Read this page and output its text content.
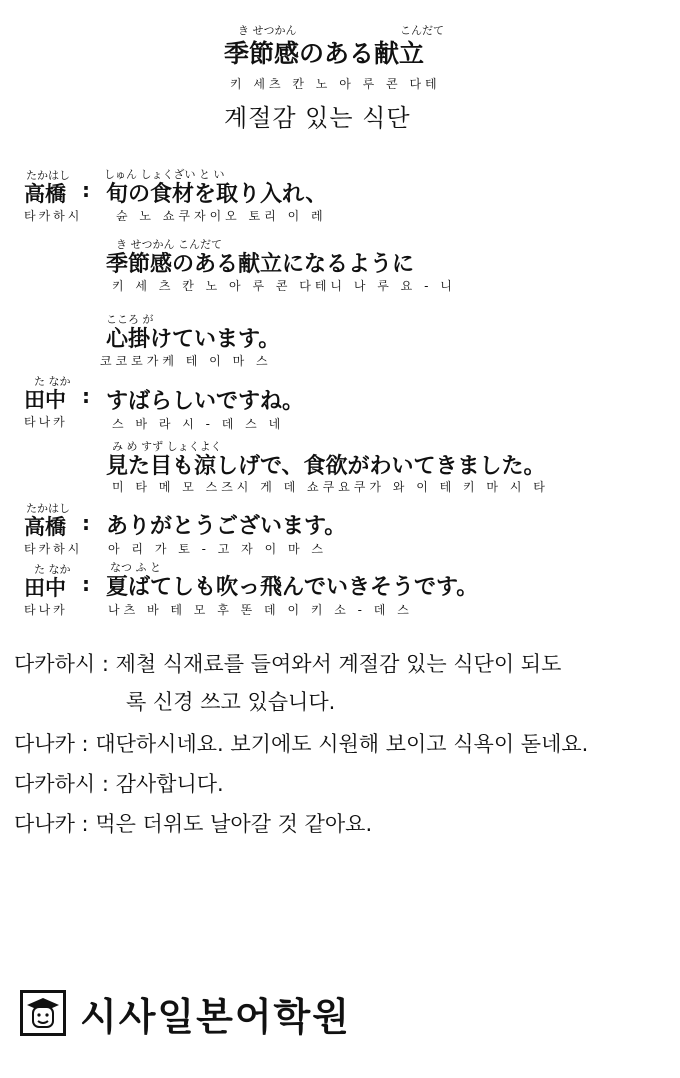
き せつかん	こんだて
季節感のある献立
키 세츠 칸 노 아 루 콘 다테
계절감 있는 식단
たかはし
高橋 :
타카하시
しゅん しょくざい と い
旬の食材を取り入れ、
슌 노 쇼쿠자이오 토리 이 레
き せつかん こんだて
季節感のある献立になるように
키 세 츠 칸 노 아 루 콘 다테니 나 루 요 - 니
こころ が
心掛けています。
코코로가케 테 이 마 스
た なか
田中 :
타나카
すばらしいですね。
스 바 라 시 - 데 스 네
み め すず しょくよく
見た目も涼しげで、食欲がわいてきました。
미 타 메 모 스즈시 게 데 쇼쿠요쿠가 와 이 테 키 마 시 타
たかはし
高橋 :
타카하시
ありがとうございます。
아 리 가 토 - 고 자 이 마 스
た なか
田中 :
타나카
なつ ふ と
夏ばてしも吹っ飛んでいきそうです。
나츠 바 테 모 후 똔 데 이 키 소 - 데 스
다카하시 : 제철 식재료를 들여와서 계절감 있는 식단이 되도
록 신경 쓰고 있습니다.
다나카 : 대단하시네요. 보기에도 시원해 보이고 식욕이 돋네요.
다카하시 : 감사합니다.
다나카 : 먹은 더위도 날아갈 것 같아요.
시사일본어학원
